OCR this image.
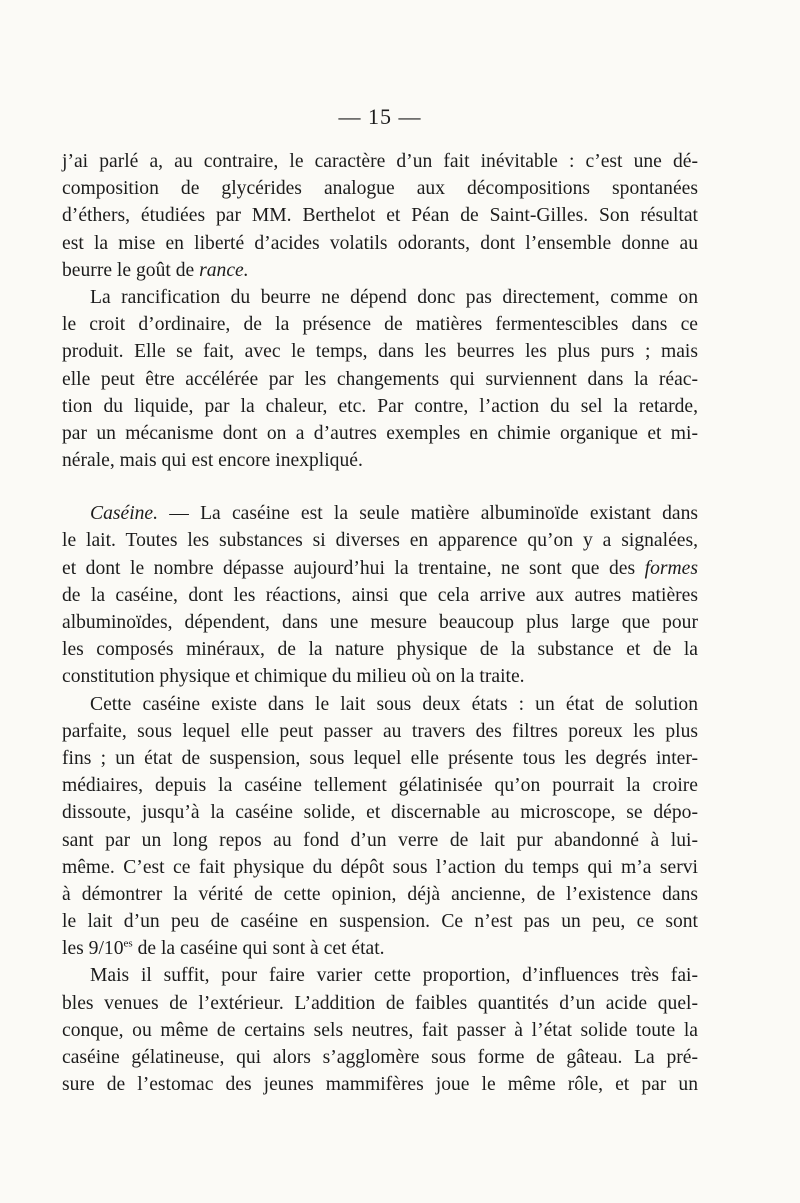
— 15 —
j’ai parlé a, au contraire, le caractère d’un fait inévitable : c’est une dé-
composition de glycérides analogue aux décompositions spontanées
d’éthers, étudiées par MM. Berthelot et Péan de Saint-Gilles. Son résultat
est la mise en liberté d’acides volatils odorants, dont l’ensemble donne au
beurre le goût de rance.
La rancification du beurre ne dépend donc pas directement, comme on
le croit d’ordinaire, de la présence de matières fermentescibles dans ce
produit. Elle se fait, avec le temps, dans les beurres les plus purs ; mais
elle peut être accélérée par les changements qui surviennent dans la réac-
tion du liquide, par la chaleur, etc. Par contre, l’action du sel la retarde,
par un mécanisme dont on a d’autres exemples en chimie organique et mi-
nérale, mais qui est encore inexpliqué.
Caséine. — La caséine est la seule matière albuminoïde existant dans
le lait. Toutes les substances si diverses en apparence qu’on y a signalées,
et dont le nombre dépasse aujourd’hui la trentaine, ne sont que des formes
de la caséine, dont les réactions, ainsi que cela arrive aux autres matières
albuminoïdes, dépendent, dans une mesure beaucoup plus large que pour
les composés minéraux, de la nature physique de la substance et de la
constitution physique et chimique du milieu où on la traite.
Cette caséine existe dans le lait sous deux états : un état de solution
parfaite, sous lequel elle peut passer au travers des filtres poreux les plus
fins ; un état de suspension, sous lequel elle présente tous les degrés inter-
médiaires, depuis la caséine tellement gélatinisée qu’on pourrait la croire
dissoute, jusqu’à la caséine solide, et discernable au microscope, se dépo-
sant par un long repos au fond d’un verre de lait pur abandonné à lui-
même. C’est ce fait physique du dépôt sous l’action du temps qui m’a servi
à démontrer la vérité de cette opinion, déjà ancienne, de l’existence dans
le lait d’un peu de caséine en suspension. Ce n’est pas un peu, ce sont
les $9/10^{es}$ de la caséine qui sont à cet état.
Mais il suffit, pour faire varier cette proportion, d’influences très fai-
bles venues de l’extérieur. L’addition de faibles quantités d’un acide quel-
conque, ou même de certains sels neutres, fait passer à l’état solide toute la
caséine gélatineuse, qui alors s’agglomère sous forme de gâteau. La pré-
sure de l’estomac des jeunes mammifères joue le même rôle, et par un
